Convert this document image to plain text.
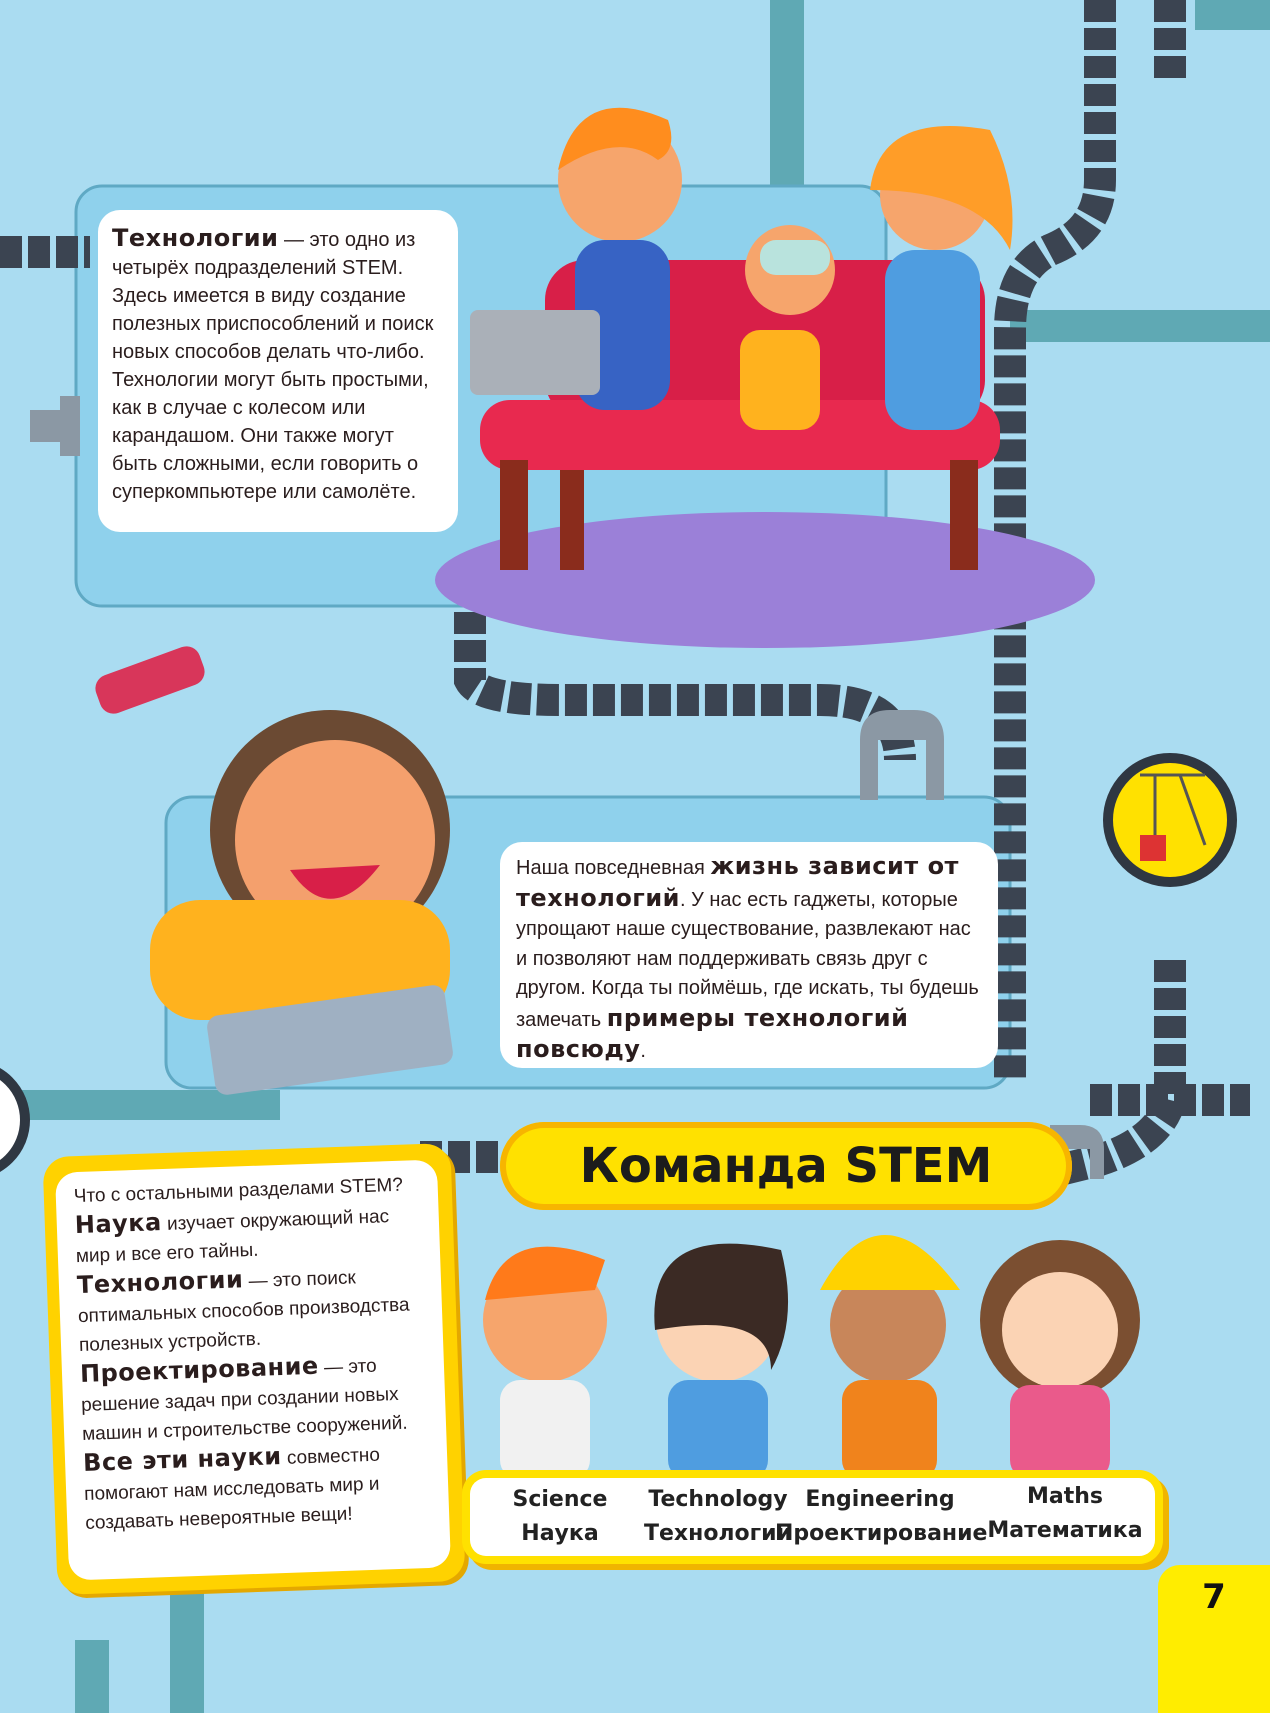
Технологии — это одно из четырёх подразделений STEM. Здесь имеется в виду создание полезных приспособлений и поиск новых способов делать что-либо. Технологии могут быть простыми, как в случае с колесом или карандашом. Они также могут быть сложными, если говорить о суперкомпьютере или самолёте.
Наша повседневная жизнь зависит от технологий. У нас есть гаджеты, которые упрощают наше существование, развлекают нас и позволяют нам поддерживать связь друг с другом. Когда ты поймёшь, где искать, ты будешь замечать примеры технологий повсюду.
Что с остальными разделами STEM? Наука изучает окружающий нас мир и все его тайны. Технологии — это поиск оптимальных способов производства полезных устройств. Проектирование — это решение задач при создании новых машин и строительстве сооружений. Все эти науки совместно помогают нам исследовать мир и создавать невероятные вещи!
Команда STEM
Science
Наука
Technology
Технологии
Engineering
Проектирование
Maths
Математика
7
